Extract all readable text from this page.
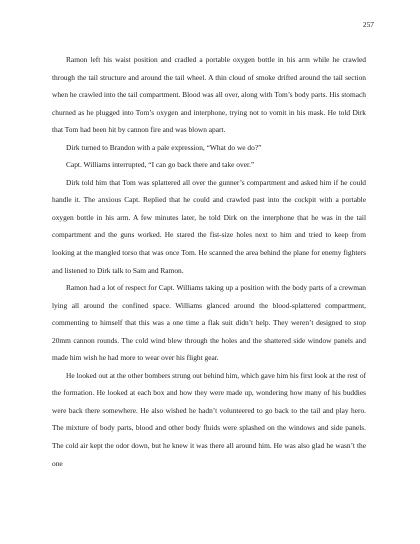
257

Ramon left his waist position and cradled a portable oxygen bottle in his arm while he crawled through the tail structure and around the tail wheel. A thin cloud of smoke drifted around the tail section when he crawled into the tail compartment. Blood was all over, along with Tom’s body parts. His stomach churned as he plugged into Tom’s oxygen and interphone, trying not to vomit in his mask. He told Dirk that Tom had been hit by cannon fire and was blown apart.

Dirk turned to Brandon with a pale expression, “What do we do?”

Capt. Williams interrupted, “I can go back there and take over.”

Dirk told him that Tom was splattered all over the gunner’s compartment and asked him if he could handle it. The anxious Capt. Replied that he could and crawled past into the cockpit with a portable oxygen bottle in his arm. A few minutes later, he told Dirk on the interphone that he was in the tail compartment and the guns worked. He stared the fist-size holes next to him and tried to keep from looking at the mangled torso that was once Tom. He scanned the area behind the plane for enemy fighters and listened to Dirk talk to Sam and Ramon.

Ramon had a lot of respect for Capt. Williams taking up a position with the body parts of a crewman lying all around the confined space. Williams glanced around the blood-splattered compartment, commenting to himself that this was a one time a flak suit didn’t help. They weren’t designed to stop 20mm cannon rounds. The cold wind blew through the holes and the shattered side window panels and made him wish he had more to wear over his flight gear.

He looked out at the other bombers strung out behind him, which gave him his first look at the rest of the formation. He looked at each box and how they were made up, wondering how many of his buddies were back there somewhere. He also wished he hadn’t volunteered to go back to the tail and play hero. The mixture of body parts, blood and other body fluids were splashed on the windows and side panels. The cold air kept the odor down, but he knew it was there all around him. He was also glad he wasn’t the one
